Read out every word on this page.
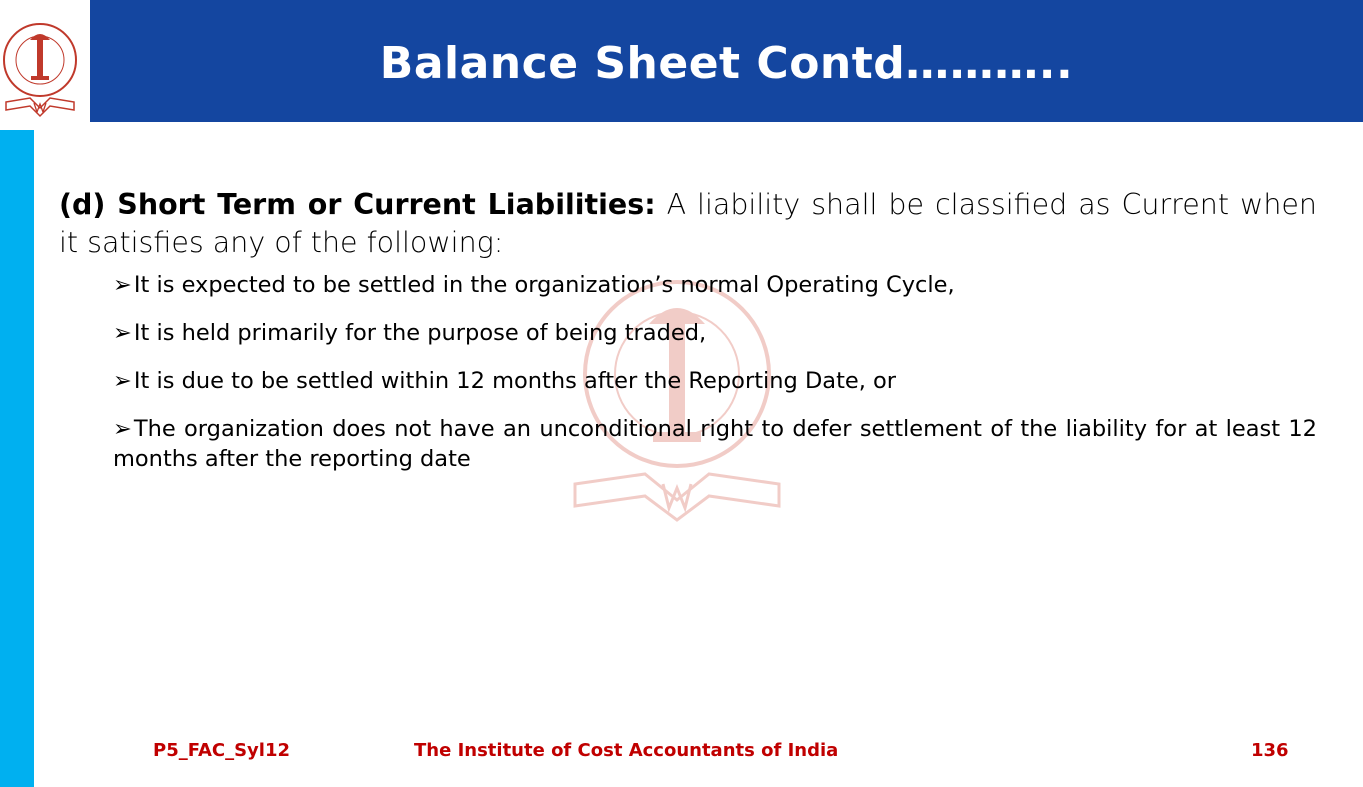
Balance Sheet Contd………..

(d) Short Term or Current Liabilities: A liability shall be classified as Current when it satisfies any of the following:

➢It is expected to be settled in the organization’s normal Operating Cycle,
➢It is held primarily for the purpose of being traded,
➢It is due to be settled within 12 months after the Reporting Date, or
➢The organization does not have an unconditional right to defer settlement of the liability for at least 12 months after the reporting date
P5_FAC_Syl12	The Institute of Cost Accountants of India	136
